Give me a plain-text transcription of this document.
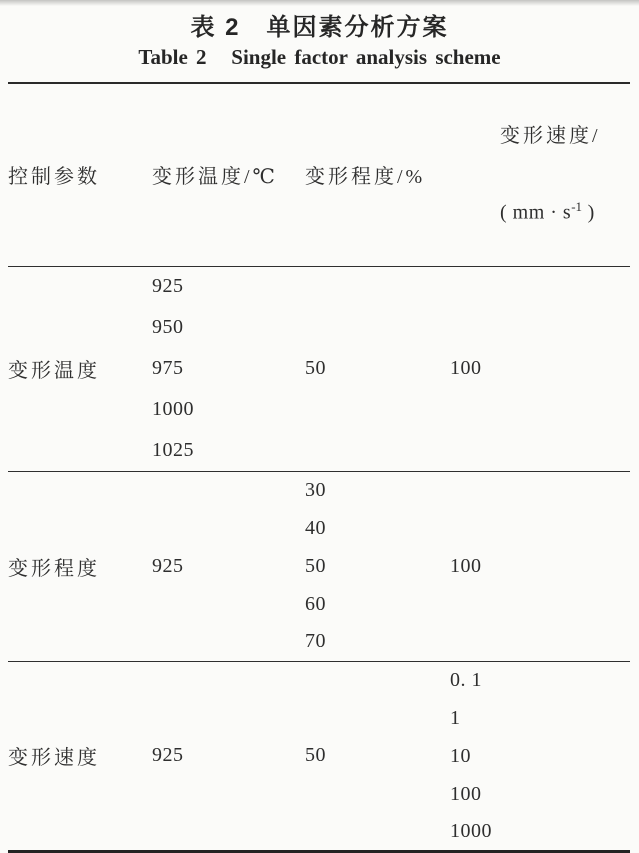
表 2   单因素分析方案
Table 2   Single factor analysis scheme
控制参数	变形温度/℃	变形程度/%	变形速度/

( mm · $s^{-1}$ )

变形温度	925	50	100
	950		
	975		
	1000		
	1025		
变形程度	925	30	100
		40	
		50	
		60	
		70	
变形速度	925	50	0. 1
			1
			10
			100
			1000
